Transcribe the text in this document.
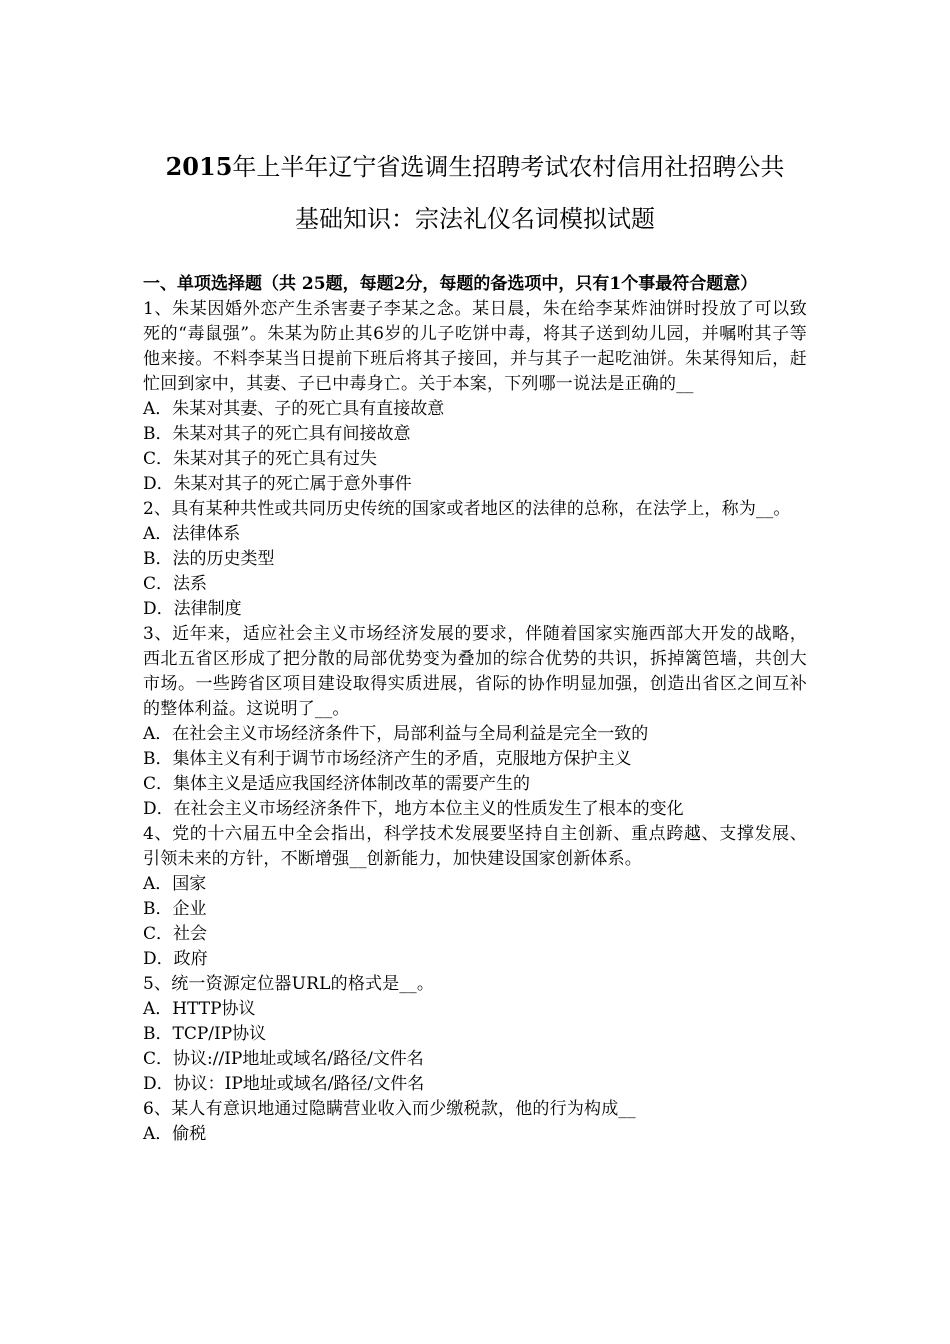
2015年上半年辽宁省选调生招聘考试农村信用社招聘公共
基础知识：宗法礼仪名词模拟试题
一、单项选择题（共 25题，每题2分，每题的备选项中，只有1个事最符合题意）
1、朱某因婚外恋产生杀害妻子李某之念。某日晨，朱在给李某炸油饼时投放了可以致死的“毒鼠强”。朱某为防止其6岁的儿子吃饼中毒，将其子送到幼儿园，并嘱咐其子等他来接。不料李某当日提前下班后将其子接回，并与其子一起吃油饼。朱某得知后，赶忙回到家中，其妻、子已中毒身亡。关于本案，下列哪一说法是正确的__
A．朱某对其妻、子的死亡具有直接故意
B．朱某对其子的死亡具有间接故意
C．朱某对其子的死亡具有过失
D．朱某对其子的死亡属于意外事件
2、具有某种共性或共同历史传统的国家或者地区的法律的总称，在法学上，称为__。
A．法律体系
B．法的历史类型
C．法系
D．法律制度
3、近年来，适应社会主义市场经济发展的要求，伴随着国家实施西部大开发的战略，西北五省区形成了把分散的局部优势变为叠加的综合优势的共识，拆掉篱笆墙，共创大市场。一些跨省区项目建设取得实质进展，省际的协作明显加强，创造出省区之间互补的整体利益。这说明了__。
A．在社会主义市场经济条件下，局部利益与全局利益是完全一致的
B．集体主义有利于调节市场经济产生的矛盾，克服地方保护主义
C．集体主义是适应我国经济体制改革的需要产生的
D．在社会主义市场经济条件下，地方本位主义的性质发生了根本的变化
4、党的十六届五中全会指出，科学技术发展要坚持自主创新、重点跨越、支撑发展、引领未来的方针，不断增强__创新能力，加快建设国家创新体系。
A．国家
B．企业
C．社会
D．政府
5、统一资源定位器URL的格式是__。
A．HTTP协议
B．TCP/IP协议
C．协议://IP地址或域名/路径/文件名
D．协议：IP地址或域名/路径/文件名
6、某人有意识地通过隐瞒营业收入而少缴税款，他的行为构成__
A．偷税
